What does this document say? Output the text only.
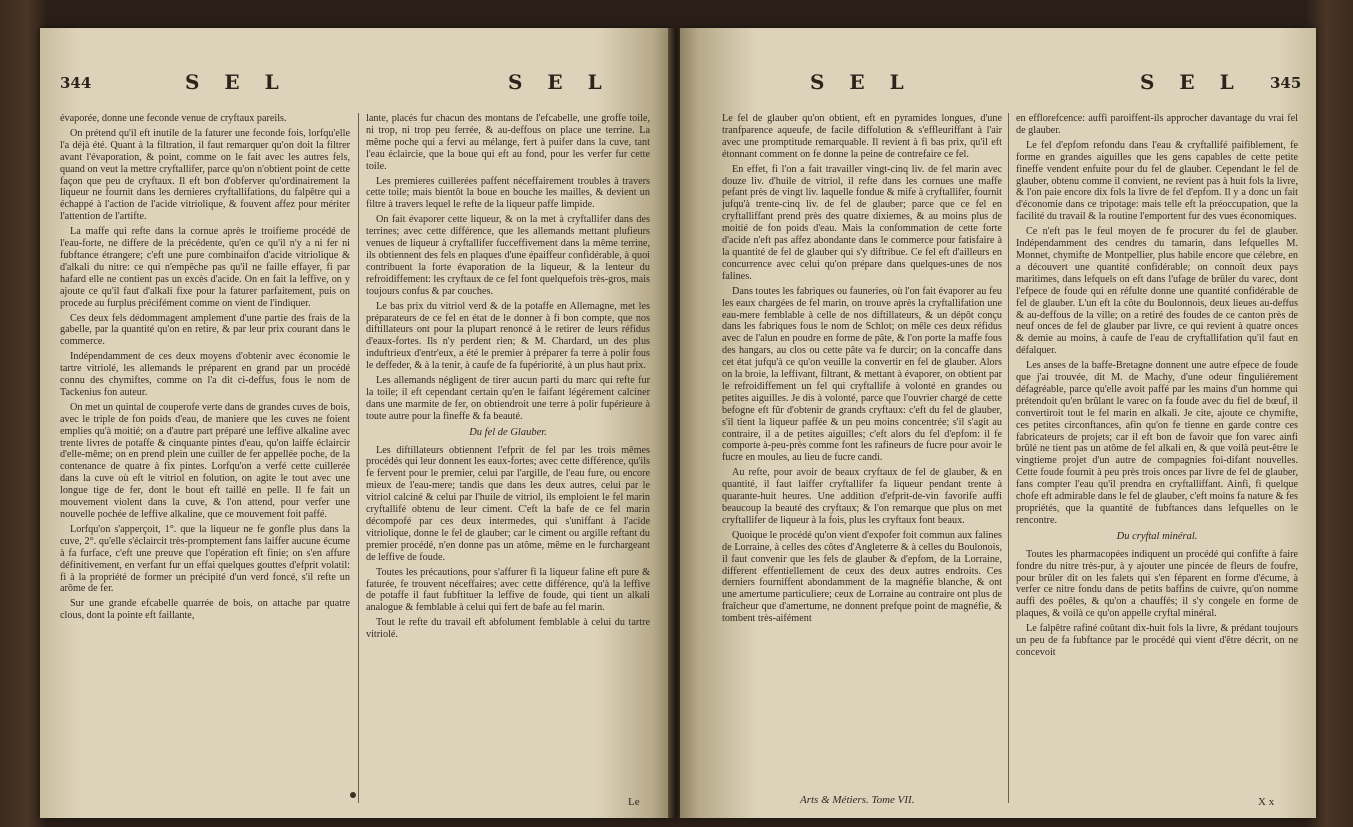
344	S E L	S E L

évaporée, donne une feconde venue de cryftaux pareils.

On prétend qu'il eft inutile de la faturer une feconde fois, lorfqu'elle l'a déjà été. Quant à la filtration, il faut remarquer qu'on doit la filtrer avant l'évaporation, & point, comme on le fait avec les autres fels, quand on veut la mettre cryftallifer, parce qu'on n'obtient point de cette façon que peu de cryftaux. Il eft bon d'obferver qu'ordinairement la liqueur ne fournit dans les dernieres cryftallifations, du falpêtre qui a échappé à l'action de l'acide vitriolique, & fouvent affez pour mériter l'attention de l'artifte.

La maffe qui refte dans la cornue après le troifieme procédé de l'eau-forte, ne differe de la précédente, qu'en ce qu'il n'y a ni fer ni fubftance étrangere; c'eft une pure combinaifon d'acide vitriolique & d'alkali du nitre: ce qui n'empêche pas qu'il ne faille effayer, fi par hafard elle ne contient pas un excès d'acide. On en fait la leffive, on y ajoute ce qu'il faut d'alkali fixe pour la faturer parfaitement, puis on procede au furplus précifément comme on vient de l'indiquer.

Ces deux fels dédommagent amplement d'une partie des frais de la gabelle, par la quantité qu'on en retire, & par leur prix courant dans le commerce.

Indépendamment de ces deux moyens d'obtenir avec économie le tartre vitriolé, les allemands le préparent en grand par un procédé connu des chymiftes, comme on l'a dit ci-deffus, fous le nom de Tackenius fon auteur.

On met un quintal de couperofe verte dans de grandes cuves de bois, avec le triple de fon poids d'eau, de maniere que les cuves ne foient emplies qu'à moitié; on a d'autre part préparé une leffive alkaline avec trente livres de potaffe & cinquante pintes d'eau, qu'on laiffe éclaircir d'elle-même; on en prend plein une cuiller de fer appellée poche, de la contenance de quatre à fix pintes. Lorfqu'on a verfé cette cuillerée dans la cuve où eft le vitriol en folution, on agite le tout avec une longue tige de fer, dont le bout eft taillé en pelle. Il fe fait un mouvement violent dans la cuve, & l'on attend, pour verfer une nouvelle pochée de leffive alkaline, que ce mouvement foit paffé.

Lorfqu'on s'apperçoit, 1°. que la liqueur ne fe gonfle plus dans la cuve, 2°. qu'elle s'éclaircit très-promptement fans laiffer aucune écume à fa furface, c'eft une preuve que l'opération eft finie; on s'en affure définitivement, en verfant fur un effai quelques gouttes d'efprit volatil: fi à la propriété de former un précipité d'un verd foncé, s'il refte un arôme de fer.

Sur une grande efcabelle quarrée de bois, on attache par quatre clous, dont la pointe eft faillante,

lante, placés fur chacun des montans de l'efcabelle, une groffe toile, ni trop, ni trop peu ferrée, & au-deffous on place une terrine. La même poche qui a fervi au mélange, fert à puifer dans la cuve, tant l'eau éclaircie, que la boue qui eft au fond, pour les verfer fur cette toile.

Les premieres cuillerées paffent néceffairement troubles à travers cette toile; mais bientôt la boue en bouche les mailles, & devient un filtre à travers lequel le refte de la liqueur paffe limpide.

On fait évaporer cette liqueur, & on la met à cryftallifer dans des terrines; avec cette différence, que les allemands mettant plufieurs venues de liqueur à cryftallifer fucceffivement dans la même terrine, ils obtiennent des fels en plaques d'une épaiffeur confidérable, à quoi contribuent la forte évaporation de la liqueur, & la lenteur du refroidiffement: les cryftaux de ce fel font quelquefois très-gros, mais toujours confus & par couches.

Le bas prix du vitriol verd & de la potaffe en Allemagne, met les préparateurs de ce fel en état de le donner à fi bon compte, que nos diftillateurs ont pour la plupart renoncé à le retirer de leurs réfidus d'eaux-fortes. Ils n'y perdent rien; & M. Chardard, un des plus induftrieux d'entr'eux, a été le premier à préparer fa terre à polir fous le deffeder, & à la tenir, à caufe de fa fupériorité, à un plus haut prix.

Les allemands négligent de tirer aucun parti du marc qui refte fur la toile; il eft cependant certain qu'en le faifant légérement calciner dans une marmite de fer, on obtiendroit une terre à polir fupérieure à toute autre pour la fineffe & fa beauté.

Du fel de Glauber.

Les diftillateurs obtiennent l'efprit de fel par les trois mêmes procédés qui leur donnent les eaux-fortes; avec cette différence, qu'ils fe fervent pour le premier, celui par l'argille, de l'eau fure, ou encore mieux de l'eau-mere; tandis que dans les deux autres, celui par le vitriol calciné & celui par l'huile de vitriol, ils emploient le fel marin cryftallifé obtenu de leur ciment. C'eft la bafe de ce fel marin décompofé par ces deux intermedes, qui s'uniffant à l'acide vitriolique, donne le fel de glauber; car le ciment ou argille reftant du premier procédé, n'en donne pas un atôme, même en le furchargeant de leffive de foude.

Toutes les précautions, pour s'affurer fi la liqueur faline eft pure & faturée, fe trouvent néceffaires; avec cette différence, qu'à la leffive de potaffe il faut fubftituer la leffive de foude, qui tient un alkali analogue & femblable à celui qui fert de bafe au fel marin.

Tout le refte du travail eft abfolument femblable à celui du tartre vitriolé.

Le
S E L	S E L 345

Le fel de glauber qu'on obtient, eft en pyramides longues, d'une tranfparence aqueufe, de facile diffolution & s'effleuriffant à l'air avec une promptitude remarquable. Il revient à fi bas prix, qu'il eft étonnant comment on fe donne la peine de contrefaire ce fel.

En effet, fi l'on a fait travailler vingt-cinq liv. de fel marin avec douze liv. d'huile de vitriol, il refte dans les cornues une maffe pefant près de vingt liv. laquelle fondue & mife à cryftallifer, fournit jufqu'à trente-cinq liv. de fel de glauber; parce que ce fel en cryftalliffant prend près des quatre dixiemes, & au moins plus de moitié de fon poids d'eau. Mais la confommation de cette forte d'acide n'eft pas affez abondante dans le commerce pour fatisfaire à la quantité de fel de glauber qui s'y diftribue. Ce fel eft d'ailleurs en concurrence avec celui qu'on prépare dans quelques-unes de nos falines.

Dans toutes les fabriques ou fauneries, où l'on fait évaporer au feu les eaux chargées de fel marin, on trouve après la cryftallifation une eau-mere femblable à celle de nos diftillateurs, & un dépôt conçu dans les fabriques fous le nom de Schlot; on mêle ces deux réfidus avec de l'alun en poudre en forme de pâte, & l'on porte la maffe fous des hangars, au clos ou cette pâte va fe durcir; on la concaffe dans cet état jufqu'à ce qu'on veuille la convertir en fel de glauber. Alors on la broie, la leffivant, filtrant, & mettant à évaporer, on obtient par le refroidiffement un fel qui cryftallife à volonté en grandes ou petites aiguilles. Je dis à volonté, parce que l'ouvrier chargé de cette befogne eft fûr d'obtenir de grands cryftaux: c'eft du fel de glauber, s'il tient la liqueur paffée & un peu moins concentrée; s'il s'agit au contraire, il a de petites aiguilles; c'eft alors du fel d'epfom: il fe comporte à-peu-près comme font les rafineurs de fucre pour avoir le fucre en moules, au lieu de fucre candi.

Au refte, pour avoir de beaux cryftaux de fel de glauber, & en quantité, il faut laiffer cryftallifer fa liqueur pendant trente à quarante-huit heures. Une addition d'efprit-de-vin favorife auffi beaucoup la beauté des cryftaux; & l'on remarque que plus on met cryftallifer de liqueur à la fois, plus les cryftaux font beaux.

Quoique le procédé qu'on vient d'expofer foit commun aux falines de Lorraine, à celles des côtes d'Angleterre & à celles du Boulonois, il faut convenir que les fels de glauber & d'epfom, de la Lorraine, different effentiellement de ceux des deux autres endroits. Ces derniers fourniffent abondamment de la magnéfie blanche, & ont une amertume particuliere; ceux de Lorraine au contraire ont plus de fraîcheur que d'amertume, ne donnent prefque point de magnéfie, & tombent très-aifément

en efflorefcence: auffi paroiffent-ils approcher davantage du vrai fel de glauber.

Le fel d'epfom refondu dans l'eau & cryftallifé paifiblement, fe forme en grandes aiguilles que les gens capables de cette petite fineffe vendent enfuite pour du fel de glauber. Cependant le fel de glauber, obtenu comme il convient, ne revient pas à huit fols la livre, & l'on paie encore dix fols la livre de fel d'epfom. Il y a donc un fait d'économie dans ce tripotage: mais telle eft la préoccupation, que la facilité du travail & la routine l'emportent fur des vues économiques.

Ce n'eft pas le feul moyen de fe procurer du fel de glauber. Indépendamment des cendres du tamarin, dans lefquelles M. Monnet, chymifte de Montpellier, plus habile encore que célebre, en a découvert une quantité confidérable; on connoît deux pays maritimes, dans lefquels on eft dans l'ufage de brûler du varec, dont l'efpece de foude qui en réfulte donne une quantité confidérable de fel de glauber. L'un eft la côte du Boulonnois, deux lieues au-deffus & au-deffous de la ville; on a retiré des foudes de ce canton près de neuf onces de fel de glauber par livre, ce qui revient à quatre onces & demie au moins, à caufe de l'eau de cryftallifation qu'il faut en défalquer.

Les anses de la baffe-Bretagne donnent une autre efpece de foude que j'ai trouvée, dit M. de Machy, d'une odeur finguliérement défagréable, parce qu'elle avoit paffé par les mains d'un homme qui prétendoit qu'en brûlant le varec on fa foude avec du fiel de bœuf, il convertiroit tout le fel marin en alkali. Je cite, ajoute ce chymifte, ces petites circonftances, afin qu'on fe tienne en garde contre ces fabricateurs de projets; car il eft bon de favoir que fon varec ainfi brûlé ne tient pas un atôme de fel alkali en, & que voilà peut-être le vingtieme projet d'un autre de compagnies foi-difant nouvelles. Cette foude fournit à peu près trois onces par livre de fel de glauber, fans compter l'eau qu'il prendra en cryftalliffant. Ainfi, fi quelque chofe eft admirable dans le fel de glauber, c'eft moins fa nature & fes propriétés, que la quantité de fubftances dans lefquelles on le rencontre.

Du cryftal minéral.

Toutes les pharmacopées indiquent un procédé qui confifte à faire fondre du nitre très-pur, à y ajouter une pincée de fleurs de foufre, pour brûler dit on les falets qui s'en féparent en forme d'écume, à verfer ce nitre fondu dans de petits baffins de cuivre, qu'on nomme auffi des poêles, & qu'on a chauffés; il s'y congele en forme de plaques, & voilà ce qu'on appelle cryftal minéral.

Le falpêtre rafiné coûtant dix-huit fols la livre, & prédant toujours un peu de fa fubftance par le procédé qui vient d'être décrit, on ne concevoit

Arts & Métiers. Tome VII.	X x
